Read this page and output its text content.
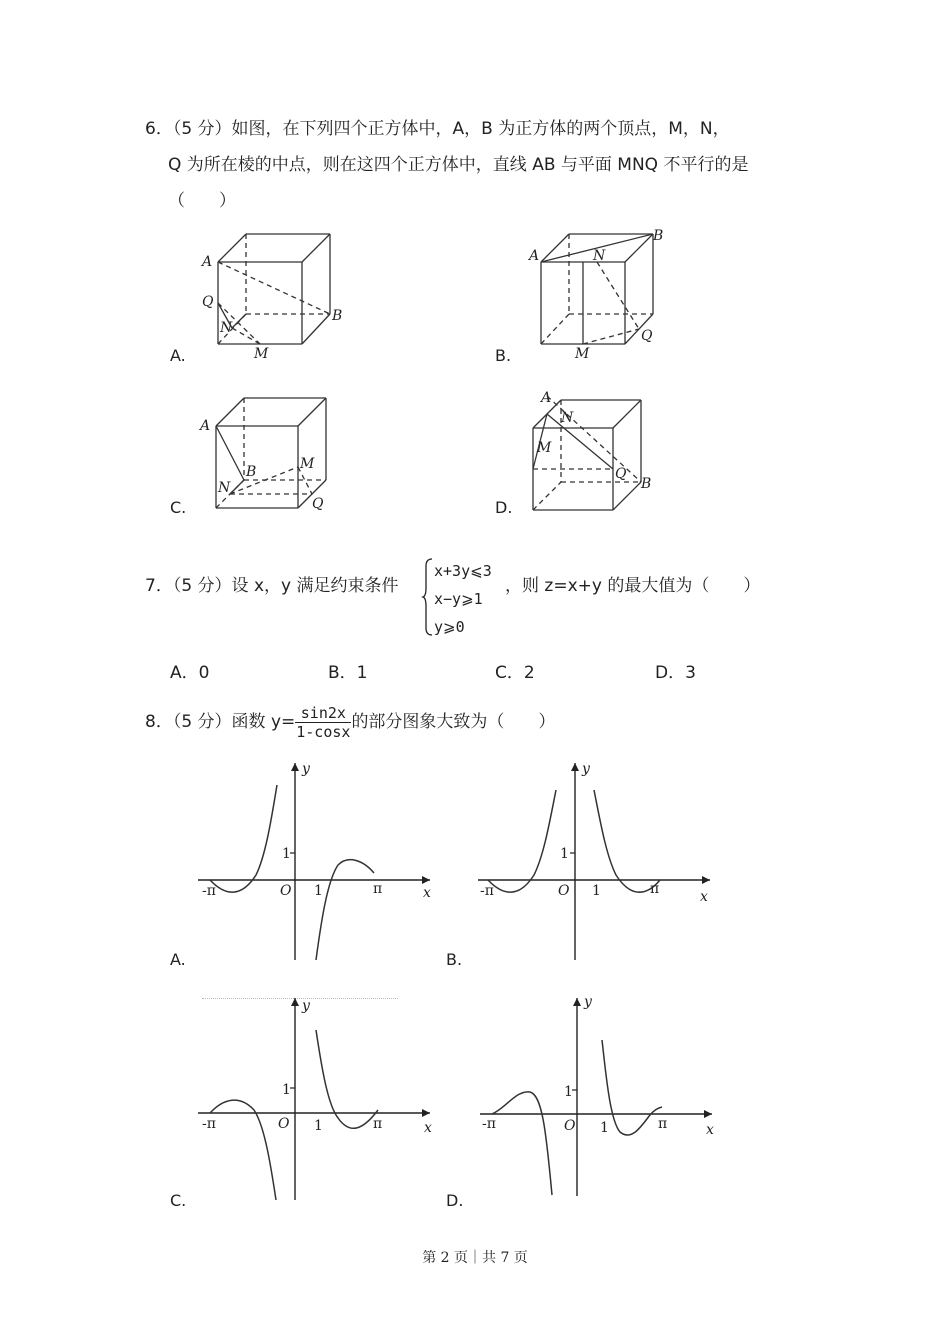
6．（5 分）如图，在下列四个正方体中，A，B 为正方体的两个顶点，M，N，
Q 为所在棱的中点，则在这四个正方体中，直线 AB 与平面 MNQ 不平行的是
（　　）
A
Q
N
M
B
A.
A	N
B
M
Q
B.
A
B
N
M
Q
C.
A
N
M
Q
B
D.
7．（5 分）设 x，y 满足约束条件
x+3y⩽3
x−y⩾1
y⩾0
，则 z=x+y 的最大值为（　　）
A．0	B．1	C．2	D．3
8．（5 分）函数 $y= \frac{\sin 2x}{1-\cos x}$ 的部分图象大致为（　　）
-π	O 1
1
π	x
y
A.
-π	O 1
1
π	x
y
B.
-π	O 1
1
π	x
y
C.
-π	O 1
1
π	x
y
D.
第 2 页｜共 7 页
